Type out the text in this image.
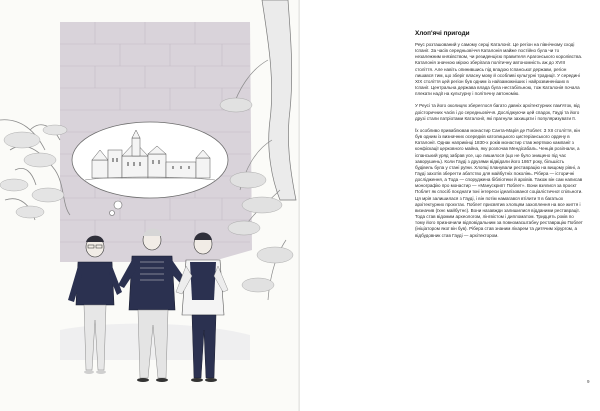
Хлоп'ячі пригоди

Реус розташований у самому серці Каталонії. Це регіон на північному сході Іспанії. За часів середньовіччя Каталонія майже постійно була чи то незалежним князівством, чи резиденцією правителя Арагонського королівства. Каталонія значною мірою зберігала політичну автономність аж до XVIII століття. Але навіть опинившись під владою Іспанської держави, регіон лишався тим, що зберіг власну мову й особливі культурні традиції. У середині XIX століття цей регіон був одним із найзаможніших і найрозвиненіших в Іспанії. Центральна держава влада була нестабільною, тож Каталонія почала плекати надії на культурну і політичну автономію.

У Реусі та його околицях збереглося багато давніх архітектурних пам'яток, від доісторичних часів і до середньовіччя. Досліджуючи цей спадок, Гауді та його друзі стали патріотами Каталонії, які прагнули захищати і популяризувати її.

Їх особливо приваблював монастир Санта-Марія де Поблет. З XII століття, він був одним із визначних осередків католицького цистеріанського ордену в Каталонії. Однак наприкінці 1830-х років монастир став жертвою кампанії з конфіскації церковного майна, яку розпочав Мендісабаль. Ченців розігнали, а іспанський уряд забрав усе, що лишилося (що не було знищено під час заворушень). Коли Гауді з друзями відвідали його 1867 року, більшість будівель була у стані руїни. Хлопці планували реставрацію на вищому рівні, а Гауді захотів зберегти абатство для майбутніх поколінь. Рібера — історичні дослідження, а Тода — споруджена бібліотеки й архівів. Також він сам написав монографію про монастир — «Манускрипт Поблет». Вони взялися за проєкт Поблет як спосіб поєднати їхні інтереси ідеалізованої соціалістичної спільноти. Ця мрія залишилася з Гауді, і він потім намагався втілити її в багатьох архітектурних проєктах. Поблет присвятив хлопцям захоплення на все життя і визначив (їхнє майбутнє). Вони назавжди залишилися відданими реставрації. Тода став відомим археологом, лінгвістом і дипломатом. Тридцять років по тому його призначили відповідальним за повномасштабну реставрацію Поблет (ініціатором якої він був). Рібера став знаним лікарем та дитячим хірургом, а відбудовник став Гауді — архітектором.

9
